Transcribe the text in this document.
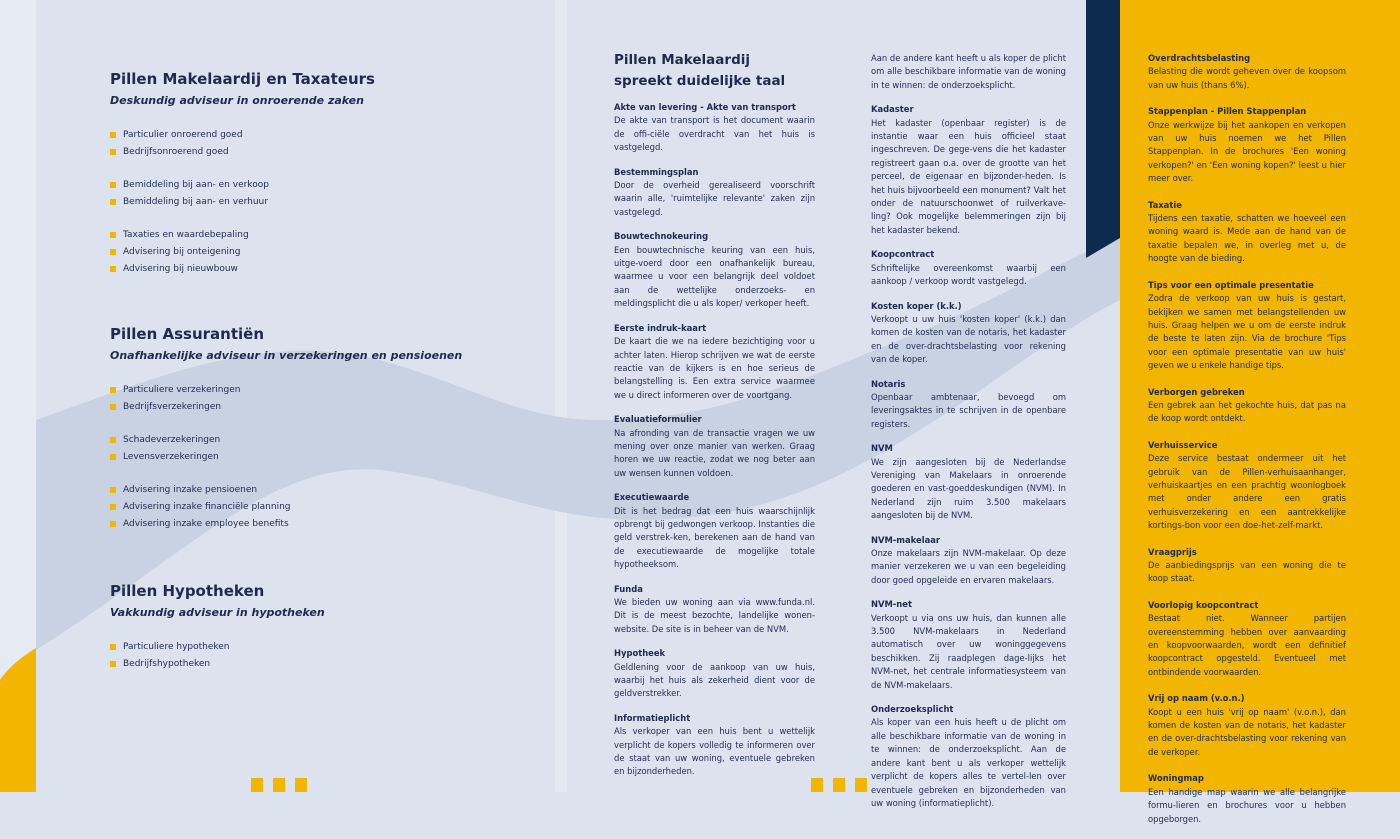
Pillen Makelaardij en Taxateurs
Deskundig adviseur in onroerende zaken
Particulier onroerend goed
Bedrijfsonroerend goed
Bemiddeling bij aan- en verkoop
Bemiddeling bij aan- en verhuur
Taxaties en waardebepaling
Advisering bij onteigening
Advisering bij nieuwbouw
Pillen Assurantiën
Onafhankelijke adviseur in verzekeringen en pensioenen
Particuliere verzekeringen
Bedrijfsverzekeringen
Schadeverzekeringen
Levensverzekeringen
Advisering inzake pensioenen
Advisering inzake financiële planning
Advisering inzake employee benefits
Pillen Hypotheken
Vakkundig adviseur in hypotheken
Particuliere hypotheken
Bedrijfshypotheken
Pillen Makelaardij
spreekt duidelijke taal
Akte van levering - Akte van transport
De akte van transport is het document waarin de offi-ciële overdracht van het huis is vastgelegd.
Bestemmingsplan
Door de overheid gerealiseerd voorschrift waarin alle, 'ruimtelijke relevante' zaken zijn vastgelegd.
Bouwtechnokeuring
Een bouwtechnische keuring van een huis, uitge-voerd door een onafhankelijk bureau, waarmee u voor een belangrijk deel voldoet aan de wettelijke onderzoeks- en meldingsplicht die u als koper/ verkoper heeft.
Eerste indruk-kaart
De kaart die we na iedere bezichtiging voor u achter laten. Hierop schrijven we wat de eerste reactie van de kijkers is en hoe serieus de belangstelling is. Een extra service waarmee we u direct informeren over de voortgang.
Evaluatieformulier
Na afronding van de transactie vragen we uw mening over onze manier van werken. Graag horen we uw reactie, zodat we nog beter aan uw wensen kunnen voldoen.
Executiewaarde
Dit is het bedrag dat een huis waarschijnlijk opbrengt bij gedwongen verkoop. Instanties die geld verstrek-ken, berekenen aan de hand van de executiewaarde de mogelijke totale hypotheeksom.
Funda
We bieden uw woning aan via www.funda.nl. Dit is de meest bezochte, landelijke wonen-website. De site is in beheer van de NVM.
Hypotheek
Geldlening voor de aankoop van uw huis, waarbij het huis als zekerheid dient voor de geldverstrekker.
Informatieplicht
Als verkoper van een huis bent u wettelijk verplicht de kopers volledig te informeren over de staat van uw woning, eventuele gebreken en bijzonderheden.
Aan de andere kant heeft u als koper de plicht om alle beschikbare informatie van de woning in te winnen: de onderzoeksplicht.
Kadaster
Het kadaster (openbaar register) is de instantie waar een huis officieel staat ingeschreven. De gege-vens die het kadaster registreert gaan o.a. over de grootte van het perceel, de eigenaar en bijzonder-heden. Is het huis bijvoorbeeld een monument? Valt het onder de natuurschoonwet of ruilverkave-ling? Ook mogelijke belemmeringen zijn bij het kadaster bekend.
Koopcontract
Schriftelijke overeenkomst waarbij een aankoop / verkoop wordt vastgelegd.
Kosten koper (k.k.)
Verkoopt u uw huis 'kosten koper' (k.k.) dan komen de kosten van de notaris, het kadaster en de over-drachtsbelasting voor rekening van de koper.
Notaris
Openbaar ambtenaar, bevoegd om leveringsaktes in te schrijven in de openbare registers.
NVM
We zijn aangesloten bij de Nederlandse Vereniging van Makelaars in onroerende goederen en vast-goeddeskundigen (NVM). In Nederland zijn ruim 3.500 makelaars aangesloten bij de NVM.
NVM-makelaar
Onze makelaars zijn NVM-makelaar. Op deze manier verzekeren we u van een begeleiding door goed opgeleide en ervaren makelaars.
NVM-net
Verkoopt u via ons uw huis, dan kunnen alle 3.500 NVM-makelaars in Nederland automatisch over uw woninggegevens beschikken. Zij raadplegen dage-lijks het NVM-net, het centrale informatiesysteem van de NVM-makelaars.
Onderzoeksplicht
Als koper van een huis heeft u de plicht om alle beschikbare informatie van de woning in te winnen: de onderzoeksplicht. Aan de andere kant bent u als verkoper wettelijk verplicht de kopers alles te vertel-len over eventuele gebreken en bijzonderheden van uw woning (informatieplicht).
Overdrachtsbelasting
Belasting die wordt geheven over de koopsom van uw huis (thans 6%).
Stappenplan - Pillen Stappenplan
Onze werkwijze bij het aankopen en verkopen van uw huis noemen we het Pillen Stappenplan. In de brochures 'Een woning verkopen?' en 'Een woning kopen?' leest u hier meer over.
Taxatie
Tijdens een taxatie, schatten we hoeveel een woning waard is. Mede aan de hand van de taxatie bepalen we, in overleg met u, de hoogte van de bieding.
Tips voor een optimale presentatie
Zodra de verkoop van uw huis is gestart, bekijken we samen met belangstellenden uw huis. Graag helpen we u om de eerste indruk de beste te laten zijn. Via de brochure 'Tips voor een optimale presentatie van uw huis' geven we u enkele handige tips.
Verborgen gebreken
Een gebrek aan het gekochte huis, dat pas na de koop wordt ontdekt.
Verhuisservice
Deze service bestaat ondermeer uit het gebruik van de Pillen-verhuisaanhanger, verhuiskaartjes en een prachtig woonlogboek met onder andere een gratis verhuisverzekering en een aantrekkelijke kortings-bon voor een doe-het-zelf-markt.
Vraagprijs
De aanbiedingsprijs van een woning die te koop staat.
Voorlopig koopcontract
Bestaat niet. Wanneer partijen overeenstemming hebben over aanvaarding en koopvoorwaarden, wordt een definitief koopcontract opgesteld. Eventueel met ontbindende voorwaarden.
Vrij op naam (v.o.n.)
Koopt u een huis 'vrij op naam' (v.o.n.), dan komen de kosten van de notaris, het kadaster en de over-drachtsbelasting voor rekening van de verkoper.
Woningmap
Een handige map waarin we alle belangrijke formu-lieren en brochures voor u hebben opgeborgen.
